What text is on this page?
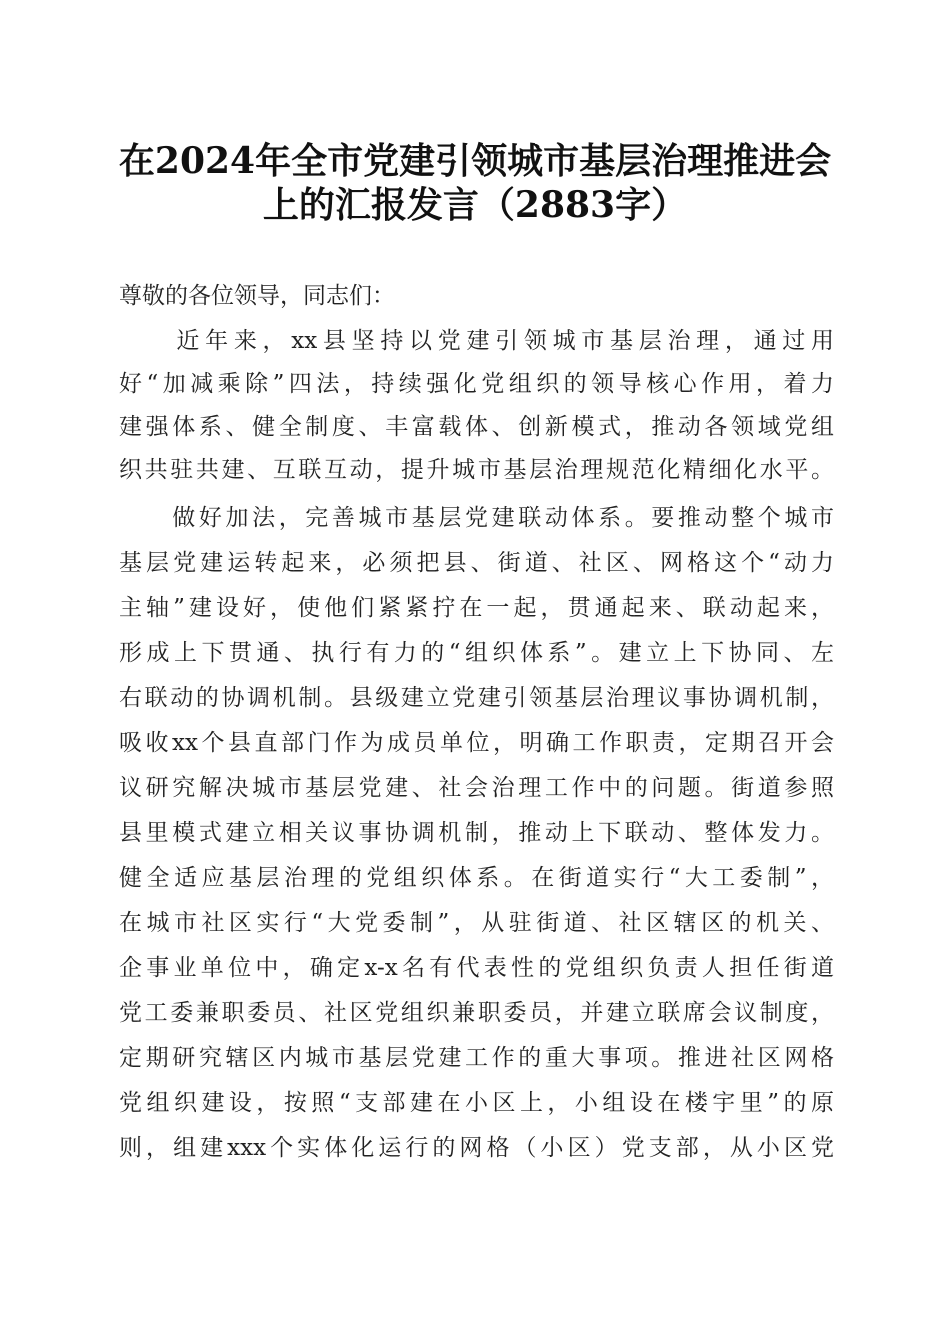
在2024年全市党建引领城市基层治理推进会
上的汇报发言（2883字）

尊敬的各位领导，同志们：

　　近年来，xx县坚持以党建引领城市基层治理，通过用

好“加减乘除”四法，持续强化党组织的领导核心作用，着力

建强体系、健全制度、丰富载体、创新模式，推动各领域党组

织共驻共建、互联互动，提升城市基层治理规范化精细化水平。

　　做好加法，完善城市基层党建联动体系。要推动整个城市

基层党建运转起来，必须把县、街道、社区、网格这个“动力

主轴”建设好，使他们紧紧拧在一起，贯通起来、联动起来，

形成上下贯通、执行有力的“组织体系”。建立上下协同、左

右联动的协调机制。县级建立党建引领基层治理议事协调机制，

吸收xx个县直部门作为成员单位，明确工作职责，定期召开会

议研究解决城市基层党建、社会治理工作中的问题。街道参照

县里模式建立相关议事协调机制，推动上下联动、整体发力。

健全适应基层治理的党组织体系。在街道实行“大工委制”，

在城市社区实行“大党委制”，从驻街道、社区辖区的机关、

企事业单位中，确定x-x名有代表性的党组织负责人担任街道

党工委兼职委员、社区党组织兼职委员，并建立联席会议制度，

定期研究辖区内城市基层党建工作的重大事项。推进社区网格

党组织建设，按照“支部建在小区上，小组设在楼宇里”的原

则，组建xxx个实体化运行的网格（小区）党支部，从小区党
